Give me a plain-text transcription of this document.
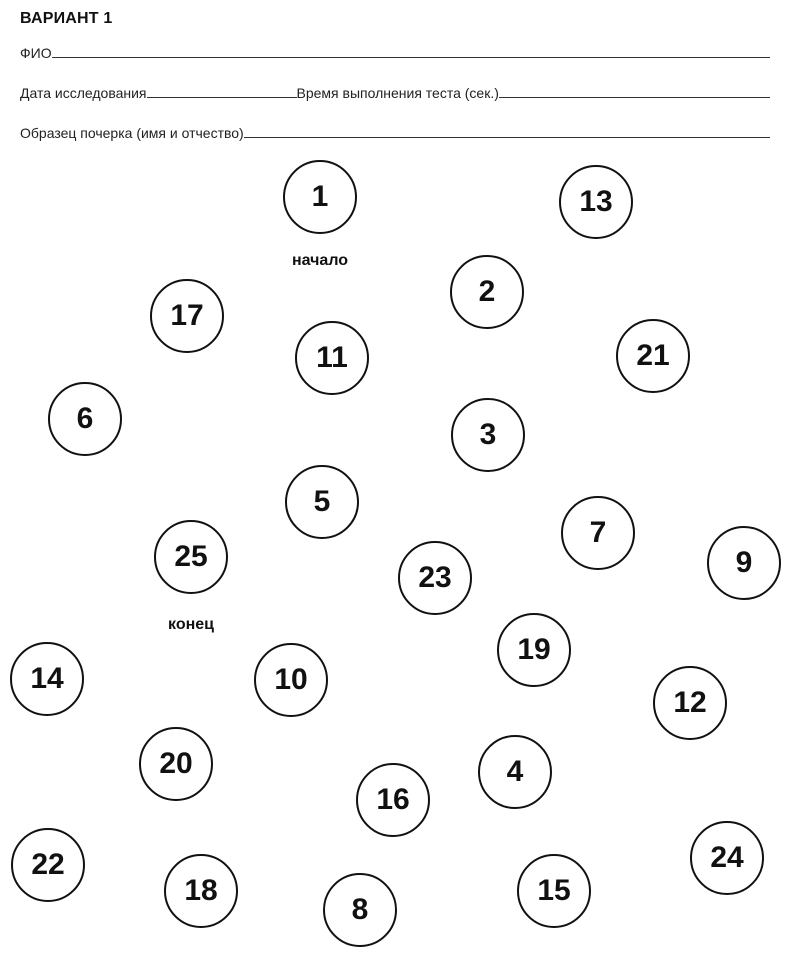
ВАРИАНТ 1
ФИО
Дата исследования	Время выполнения теста (сек.)
Образец почерка (имя и отчество)
1
начало
13
2
17
11	21
6	3
5
7
9
25
конец
23
19
14	10
12
20	4
16
24
22
18	15
8
